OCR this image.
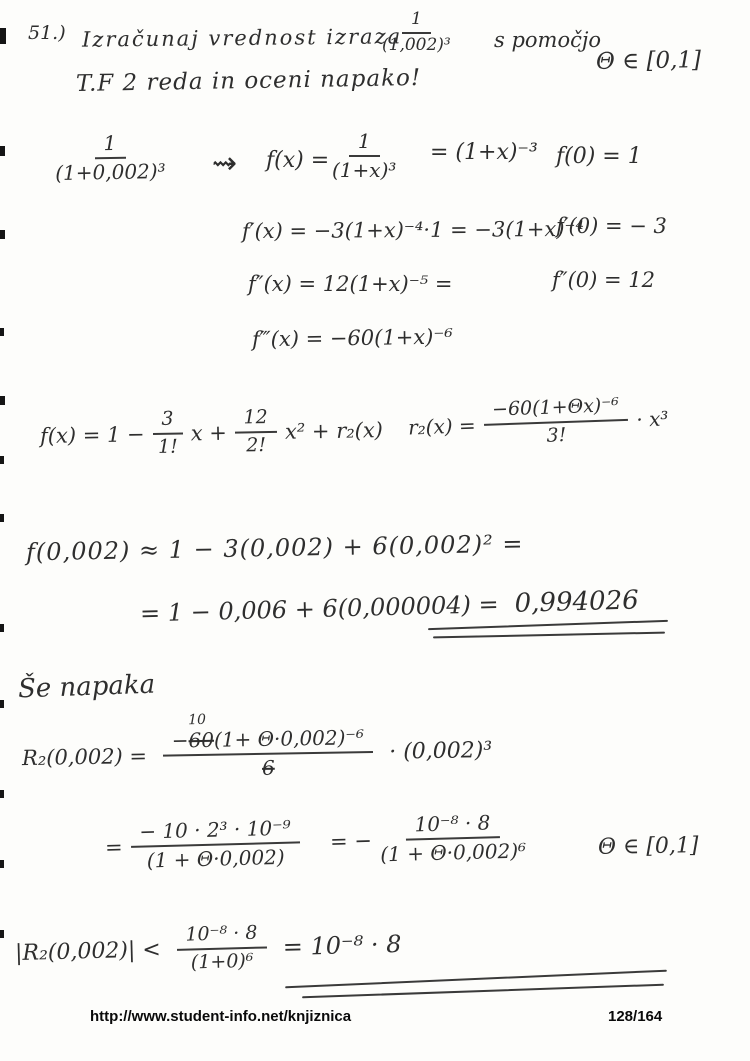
51.) Izračunaj vrednost izraza
$\frac{1}{\text{(1,002)³}}$ s pomočjo
Θ ∈ [0,1]
T.F 2 reda in oceni napako!
$\frac{1}{\text{(1+0,002)³}}$ ⇝ $f(x) = \frac{1}{\text{(1+x)³}} = (1+x)^{-3}$ f(0) = 1
f′(x) = −3(1+x)⁻⁴·1 = −3(1+x)⁻⁴
f′(0) = − 3
f″(x) = 12(1+x)⁻⁵ =	f″(0) = 12
f‴(x) = −60(1+x)⁻⁶
$f(x) = 1 - \frac{3}{1!}$ $x + \frac{12}{2!} x^2 + r_2(x) r_2(x) = \frac{\text{−60(1+Θx)⁻⁶}}{3!} \cdot x^3$
f(0,002) ≈ 1 − 3(0,002) + 6(0,002)² =
= 1 − 0,006 + 6(0,000004) = 0,994026
Še napaka
R₂(0,002) = −
10
60(1+ Θ·0,002)⁻⁶
6 · (0,002)³
= $\frac{\text{− 10 · 2³ · 10⁻⁹}}{(1 + \Theta\cdot 0,002)}$ = − $\frac{\text{10⁻⁸ · 8}}{\text{(1 + Θ·0,002)⁶}}$	Θ ∈ [0,1]
$|R_2(0,002)| < \frac{\text{10⁻⁸ · 8}}{\text{(1+0)⁶}} = 10^{-8} \cdot 8$
http://www.student-info.net/knjiznica	128/164
